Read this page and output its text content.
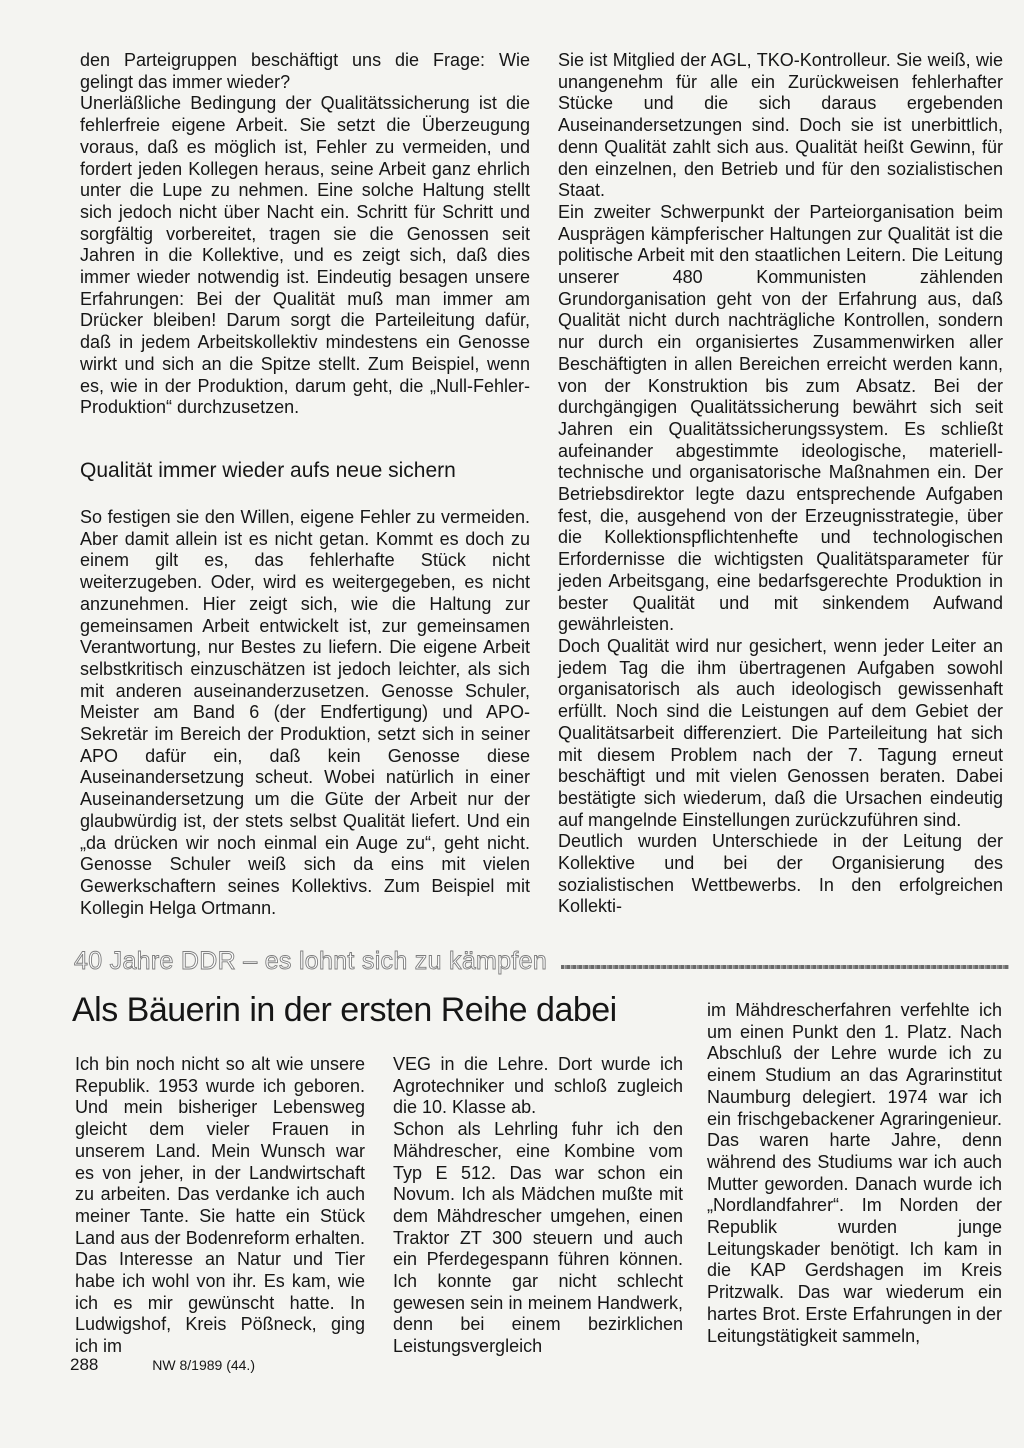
den Parteigruppen beschäftigt uns die Frage: Wie gelingt das immer wieder?

Unerläßliche Bedingung der Qualitätssicherung ist die fehlerfreie eigene Arbeit. Sie setzt die Überzeugung voraus, daß es möglich ist, Fehler zu vermeiden, und fordert jeden Kollegen heraus, seine Arbeit ganz ehrlich unter die Lupe zu nehmen. Eine solche Haltung stellt sich jedoch nicht über Nacht ein. Schritt für Schritt und sorgfältig vorbereitet, tragen sie die Genossen seit Jahren in die Kollektive, und es zeigt sich, daß dies immer wieder notwendig ist. Eindeutig besagen unsere Erfahrungen: Bei der Qualität muß man immer am Drücker bleiben! Darum sorgt die Parteileitung dafür, daß in jedem Arbeitskollektiv mindestens ein Genosse wirkt und sich an die Spitze stellt. Zum Beispiel, wenn es, wie in der Produktion, darum geht, die „Null-Fehler-Produktion“ durchzusetzen.

Qualität immer wieder aufs neue sichern

So festigen sie den Willen, eigene Fehler zu vermeiden. Aber damit allein ist es nicht getan. Kommt es doch zu einem gilt es, das fehlerhafte Stück nicht weiterzugeben. Oder, wird es weitergegeben, es nicht anzunehmen. Hier zeigt sich, wie die Haltung zur gemeinsamen Arbeit entwickelt ist, zur gemeinsamen Verantwortung, nur Bestes zu liefern. Die eigene Arbeit selbstkritisch einzuschätzen ist jedoch leichter, als sich mit anderen auseinanderzusetzen. Genosse Schuler, Meister am Band 6 (der Endfertigung) und APO-Sekretär im Bereich der Produktion, setzt sich in seiner APO dafür ein, daß kein Genosse diese Auseinandersetzung scheut. Wobei natürlich in einer Auseinandersetzung um die Güte der Arbeit nur der glaubwürdig ist, der stets selbst Qualität liefert. Und ein „da drücken wir noch einmal ein Auge zu“, geht nicht. Genosse Schuler weiß sich da eins mit vielen Gewerkschaftern seines Kollektivs. Zum Beispiel mit Kollegin Helga Ortmann.

Sie ist Mitglied der AGL, TKO-Kontrolleur. Sie weiß, wie unangenehm für alle ein Zurückweisen fehlerhafter Stücke und die sich daraus ergebenden Auseinandersetzungen sind. Doch sie ist unerbittlich, denn Qualität zahlt sich aus. Qualität heißt Gewinn, für den einzelnen, den Betrieb und für den sozialistischen Staat.

Ein zweiter Schwerpunkt der Parteiorganisation beim Ausprägen kämpferischer Haltungen zur Qualität ist die politische Arbeit mit den staatlichen Leitern. Die Leitung unserer 480 Kommunisten zählenden Grundorganisation geht von der Erfahrung aus, daß Qualität nicht durch nachträgliche Kontrollen, sondern nur durch ein organisiertes Zusammenwirken aller Beschäftigten in allen Bereichen erreicht werden kann, von der Konstruktion bis zum Absatz. Bei der durchgängigen Qualitätssicherung bewährt sich seit Jahren ein Qualitätssicherungssystem. Es schließt aufeinander abgestimmte ideologische, materiell-technische und organisatorische Maßnahmen ein. Der Betriebsdirektor legte dazu entsprechende Aufgaben fest, die, ausgehend von der Erzeugnisstrategie, über die Kollektionspflichtenhefte und technologischen Erfordernisse die wichtigsten Qualitätsparameter für jeden Arbeitsgang, eine bedarfsgerechte Produktion in bester Qualität und mit sinkendem Aufwand gewährleisten.

Doch Qualität wird nur gesichert, wenn jeder Leiter an jedem Tag die ihm übertragenen Aufgaben sowohl organisatorisch als auch ideologisch gewissenhaft erfüllt. Noch sind die Leistungen auf dem Gebiet der Qualitätsarbeit differenziert. Die Parteileitung hat sich mit diesem Problem nach der 7. Tagung erneut beschäftigt und mit vielen Genossen beraten. Dabei bestätigte sich wiederum, daß die Ursachen eindeutig auf mangelnde Einstellungen zurückzuführen sind.

Deutlich wurden Unterschiede in der Leitung der Kollektive und bei der Organisierung des sozialistischen Wettbewerbs. In den erfolgreichen Kollekti-

40 Jahre DDR – es lohnt sich zu kämpfen
Als Bäuerin in der ersten Reihe dabei

Ich bin noch nicht so alt wie unsere Republik. 1953 wurde ich geboren. Und mein bisheriger Lebensweg gleicht dem vieler Frauen in unserem Land. Mein Wunsch war es von jeher, in der Landwirtschaft zu arbeiten. Das verdanke ich auch meiner Tante. Sie hatte ein Stück Land aus der Bodenreform erhalten. Das Interesse an Natur und Tier habe ich wohl von ihr. Es kam, wie ich es mir gewünscht hatte. In Ludwigshof, Kreis Pößneck, ging ich im

VEG in die Lehre. Dort wurde ich Agrotechniker und schloß zugleich die 10. Klasse ab.

Schon als Lehrling fuhr ich den Mähdrescher, eine Kombine vom Typ E 512. Das war schon ein Novum. Ich als Mädchen mußte mit dem Mähdrescher umgehen, einen Traktor ZT 300 steuern und auch ein Pferdegespann führen können. Ich konnte gar nicht schlecht gewesen sein in meinem Handwerk, denn bei einem bezirklichen Leistungsvergleich

im Mähdrescherfahren verfehlte ich um einen Punkt den 1. Platz. Nach Abschluß der Lehre wurde ich zu einem Studium an das Agrarinstitut Naumburg delegiert. 1974 war ich ein frischgebackener Agraringenieur. Das waren harte Jahre, denn während des Studiums war ich auch Mutter geworden. Danach wurde ich „Nordlandfahrer“. Im Norden der Republik wurden junge Leitungskader benötigt. Ich kam in die KAP Gerdshagen im Kreis Pritzwalk. Das war wiederum ein hartes Brot. Erste Erfahrungen in der Leitungstätigkeit sammeln,

288	NW 8/1989 (44.)
